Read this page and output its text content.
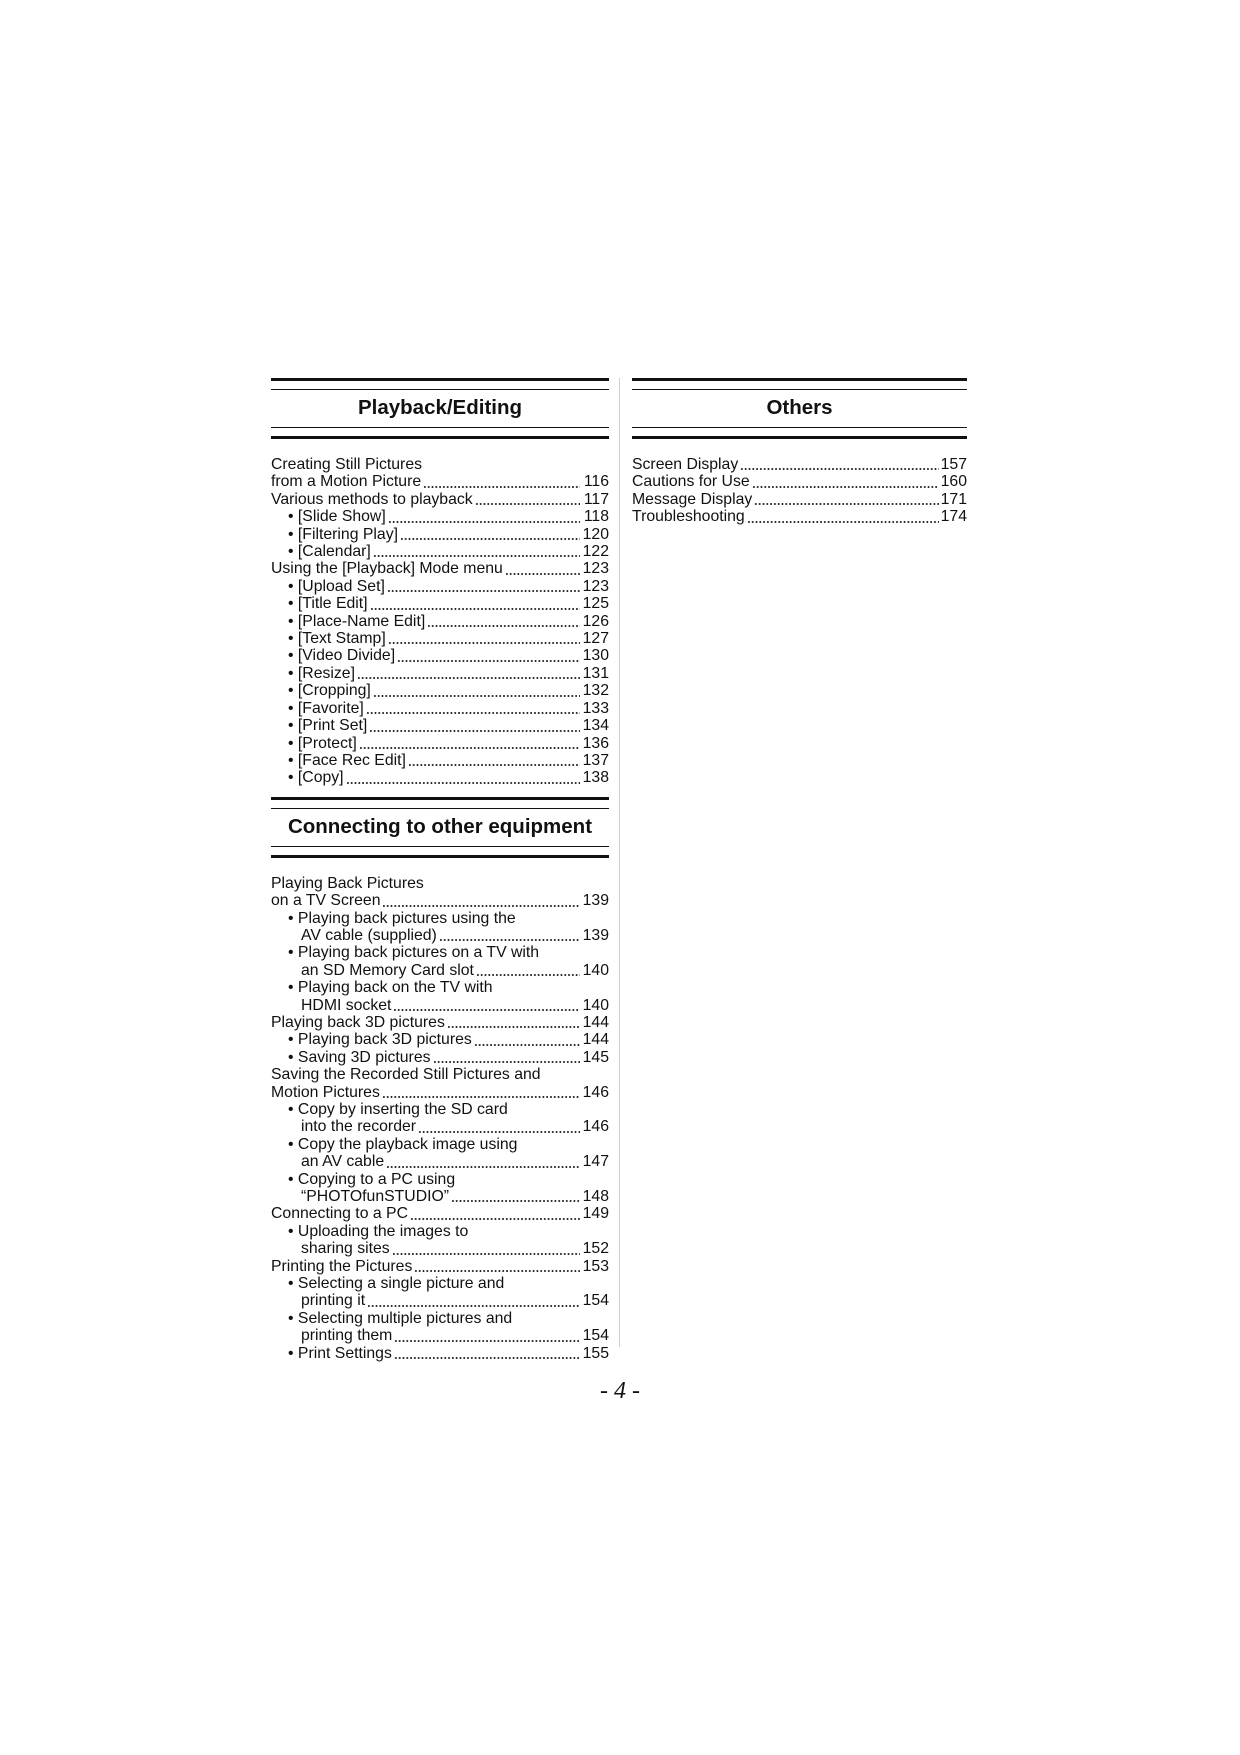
Playback/Editing
Creating Still Pictures
from a Motion Picture	116
Various methods to playback	117
• [Slide Show]	118
• [Filtering Play]	120
• [Calendar]	122
Using the [Playback] Mode menu	123
• [Upload Set]	123
• [Title Edit]	125
• [Place-Name Edit]	126
• [Text Stamp]	127
• [Video Divide]	130
• [Resize]	131
• [Cropping]	132
• [Favorite]	133
• [Print Set]	134
• [Protect]	136
• [Face Rec Edit]	137
• [Copy]	138
Connecting to other equipment
Playing Back Pictures
on a TV Screen	139
• Playing back pictures using the
AV cable (supplied)	139
• Playing back pictures on a TV with
an SD Memory Card slot	140
• Playing back on the TV with
HDMI socket	140
Playing back 3D pictures	144
• Playing back 3D pictures	144
• Saving 3D pictures	145
Saving the Recorded Still Pictures and
Motion Pictures	146
• Copy by inserting the SD card
into the recorder	146
• Copy the playback image using
an AV cable	147
• Copying to a PC using
“PHOTOfunSTUDIO”	148
Connecting to a PC	149
• Uploading the images to
sharing sites	152
Printing the Pictures	153
• Selecting a single picture and
printing it	154
• Selecting multiple pictures and
printing them	154
• Print Settings	155
Others
Screen Display	157
Cautions for Use	160
Message Display	171
Troubleshooting	174
- 4 -
